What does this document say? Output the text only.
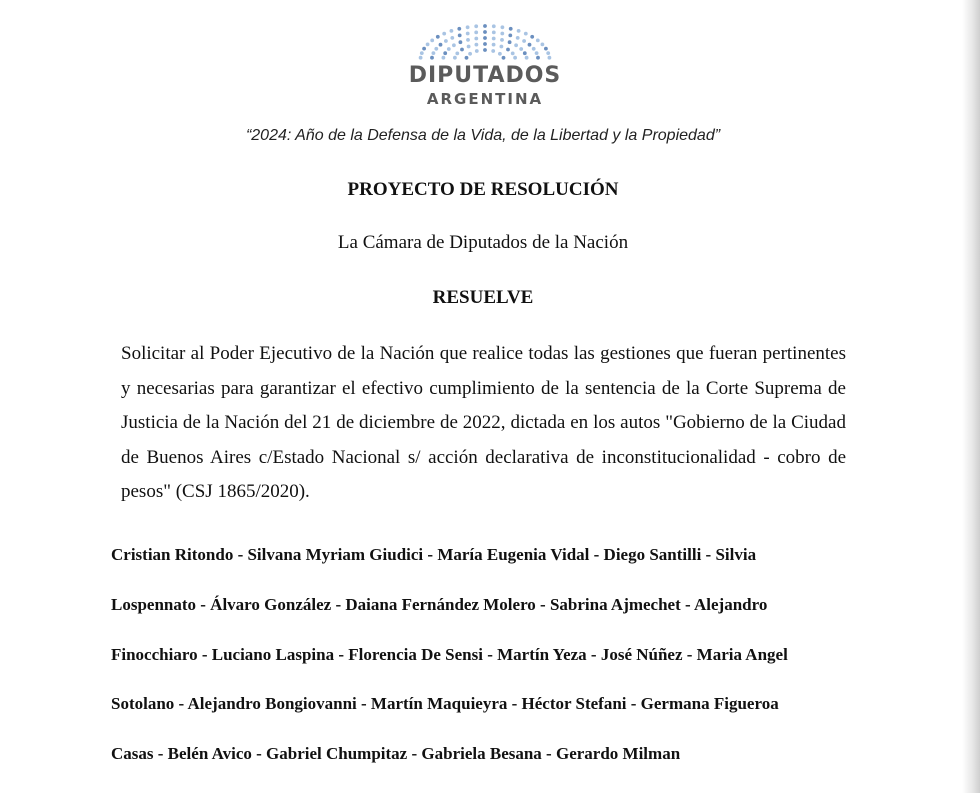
DIPUTADOS
ARGENTINA
“2024: Año de la Defensa de la Vida, de la Libertad y la Propiedad”
PROYECTO DE RESOLUCIÓN
La Cámara de Diputados de la Nación
RESUELVE

Solicitar al Poder Ejecutivo de la Nación que realice todas las gestiones que fueran pertinentes y necesarias para garantizar el efectivo cumplimiento de la sentencia de la Corte Suprema de Justicia de la Nación del 21 de diciembre de 2022, dictada en los autos "Gobierno de la Ciudad de Buenos Aires c/Estado Nacional s/ acción declarativa de inconstitucionalidad - cobro de pesos" (CSJ 1865/2020).

Cristian Ritondo - Silvana Myriam Giudici - María Eugenia Vidal - Diego Santilli - Silvia
Lospennato - Álvaro González - Daiana Fernández Molero - Sabrina Ajmechet - Alejandro
Finocchiaro - Luciano Laspina - Florencia De Sensi - Martín Yeza - José Núñez - Maria Angel
Sotolano - Alejandro Bongiovanni - Martín Maquieyra - Héctor Stefani - Germana Figueroa
Casas - Belén Avico - Gabriel Chumpitaz - Gabriela Besana - Gerardo Milman
